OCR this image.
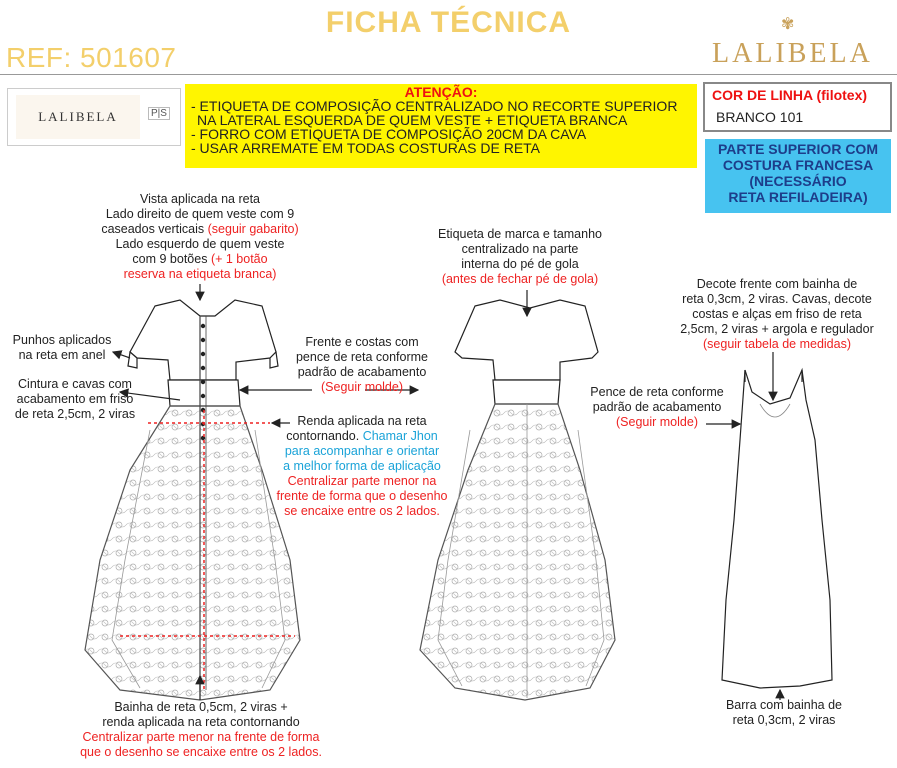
FICHA TÉCNICA
REF: 501607
✾
LALIBELA
LALIBELA	P|S
ATENÇÃO:
- ETIQUETA DE COMPOSIÇÃO CENTRALIZADO NO RECORTE SUPERIOR
NA LATERAL ESQUERDA DE QUEM VESTE + ETIQUETA BRANCA
- FORRO COM ETIQUETA DE COMPOSIÇÃO 20CM DA CAVA
- USAR ARREMATE EM TODAS COSTURAS DE RETA
COR DE LINHA (filotex)
BRANCO 101
PARTE SUPERIOR COM
COSTURA FRANCESA
(NECESSÁRIO
RETA REFILADEIRA)
Vista aplicada na reta
Lado direito de quem veste com 9
caseados verticais (seguir gabarito)
Lado esquerdo de quem veste
com 9 botões (+ 1 botão
reserva na etiqueta branca)
Punhos aplicados
na reta em anel
Cintura e cavas com
acabamento em friso
de reta 2,5cm, 2 viras
Frente e costas com
pence de reta conforme
padrão de acabamento
(Seguir molde)
Renda aplicada na reta
contornando. Chamar Jhon
para acompanhar e orientar
a melhor forma de aplicação
Centralizar parte menor na
frente de forma que o desenho
se encaixe entre os 2 lados.
Etiqueta de marca e tamanho
centralizado na parte
interna do pé de gola
(antes de fechar pé de gola)	Decote frente com bainha de
reta 0,3cm, 2 viras. Cavas, decote
costas e alças em friso de reta
2,5cm, 2 viras + argola e regulador
(seguir tabela de medidas)
Pence de reta conforme
padrão de acabamento
(Seguir molde)
Bainha de reta 0,5cm, 2 viras +
renda aplicada na reta contornando
Centralizar parte menor na frente de forma
que o desenho se encaixe entre os 2 lados.
Barra com bainha de
reta 0,3cm, 2 viras
